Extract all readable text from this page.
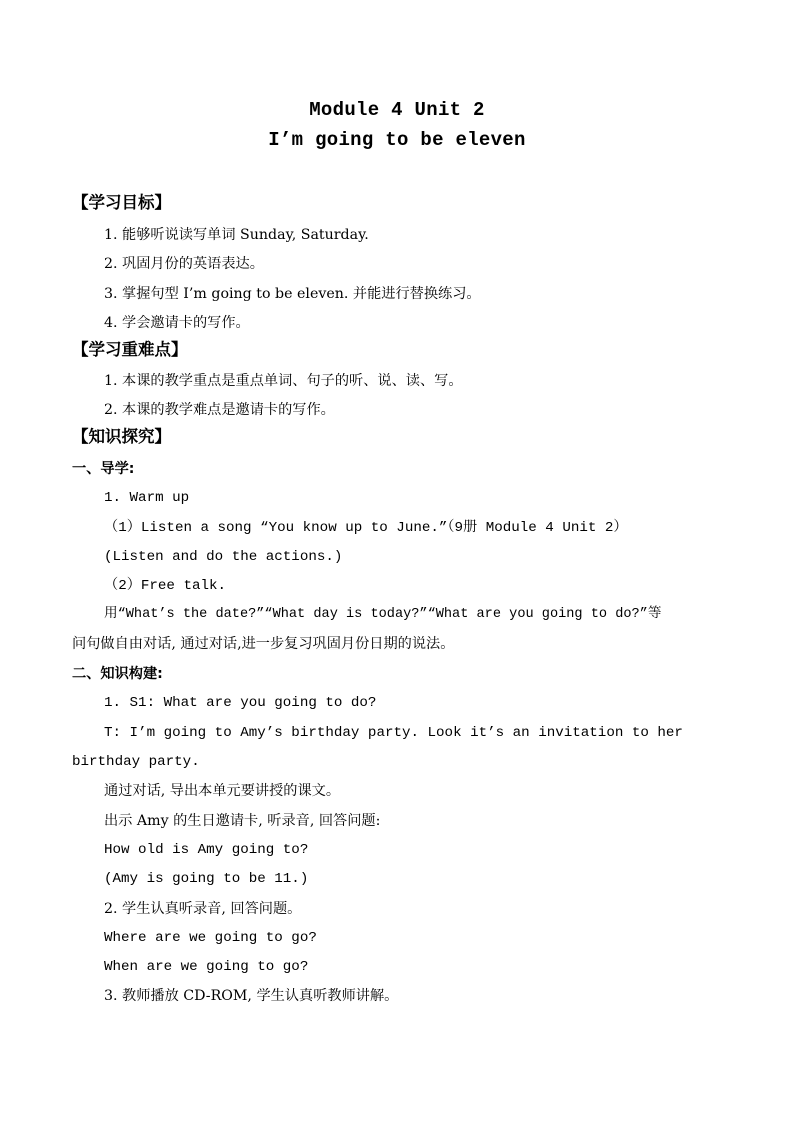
Module 4 Unit 2
I’m going to be eleven
【学习目标】
1. 能够听说读写单词 Sunday, Saturday.
2. 巩固月份的英语表达。
3. 掌握句型 I’m going to be eleven. 并能进行替换练习。
4. 学会邀请卡的写作。
【学习重难点】
1. 本课的教学重点是重点单词、句子的听、说、读、写。
2. 本课的教学难点是邀请卡的写作。
【知识探究】
一、导学:
1. Warm up
（1）Listen a song “You know up to June.”（9册 Module 4 Unit 2）
(Listen and do the actions.)
（2）Free talk.
用“What’s the date?”“What day is today?”“What are you going to do?”等
问句做自由对话, 通过对话,进一步复习巩固月份日期的说法。
二、知识构建:
1. S1: What are you going to do?
T: I’m going to Amy’s birthday party. Look it’s an invitation to her
birthday party.
通过对话, 导出本单元要讲授的课文。
出示 Amy 的生日邀请卡, 听录音, 回答问题:
How old is Amy going to?
(Amy is going to be 11.)
2. 学生认真听录音, 回答问题。
Where are we going to go?
When are we going to go?
3. 教师播放 CD-ROM, 学生认真听教师讲解。
